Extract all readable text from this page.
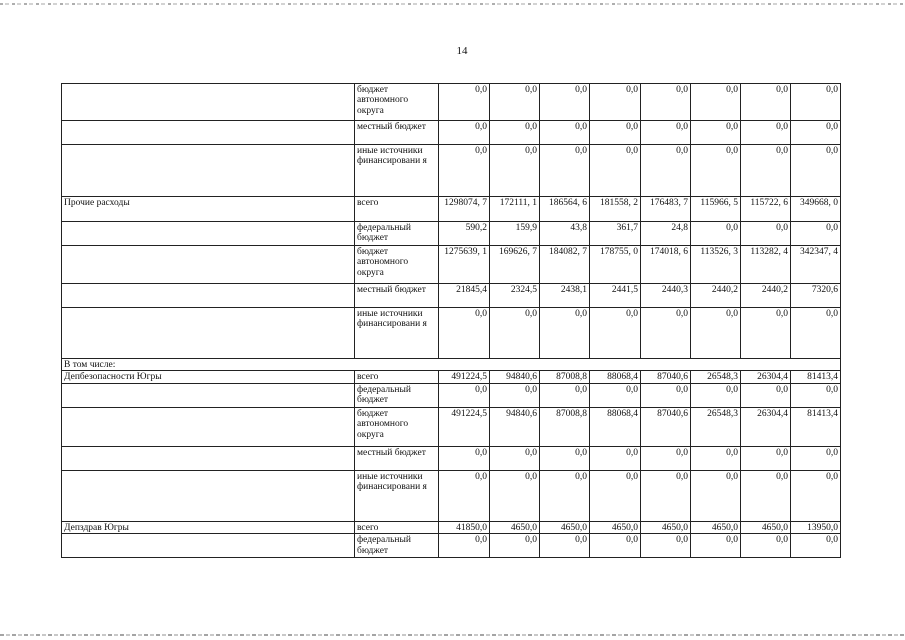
14
	бюджет автономного округа	0,0	0,0	0,0	0,0	0,0	0,0	0,0	0,0
	местный бюджет	0,0	0,0	0,0	0,0	0,0	0,0	0,0	0,0
	иные источники финансировани я	0,0	0,0	0,0	0,0	0,0	0,0	0,0	0,0
Прочие расходы	всего	1298074, 7	172111, 1	186564, 6	181558, 2	176483, 7	115966, 5	115722, 6	349668, 0
	федеральный бюджет	590,2	159,9	43,8	361,7	24,8	0,0	0,0	0,0
	бюджет автономного округа	1275639, 1	169626, 7	184082, 7	178755, 0	174018, 6	113526, 3	113282, 4	342347, 4
	местный бюджет	21845,4	2324,5	2438,1	2441,5	2440,3	2440,2	2440,2	7320,6
	иные источники финансировани я	0,0	0,0	0,0	0,0	0,0	0,0	0,0	0,0
В том числе:									
Депбезопасности Югры	всего	491224,5	94840,6	87008,8	88068,4	87040,6	26548,3	26304,4	81413,4
	федеральный бюджет	0,0	0,0	0,0	0,0	0,0	0,0	0,0	0,0
	бюджет автономного округа	491224,5	94840,6	87008,8	88068,4	87040,6	26548,3	26304,4	81413,4
	местный бюджет	0,0	0,0	0,0	0,0	0,0	0,0	0,0	0,0
	иные источники финансировани я	0,0	0,0	0,0	0,0	0,0	0,0	0,0	0,0
Депздрав Югры	всего	41850,0	4650,0	4650,0	4650,0	4650,0	4650,0	4650,0	13950,0
	федеральный бюджет	0,0	0,0	0,0	0,0	0,0	0,0	0,0	0,0
